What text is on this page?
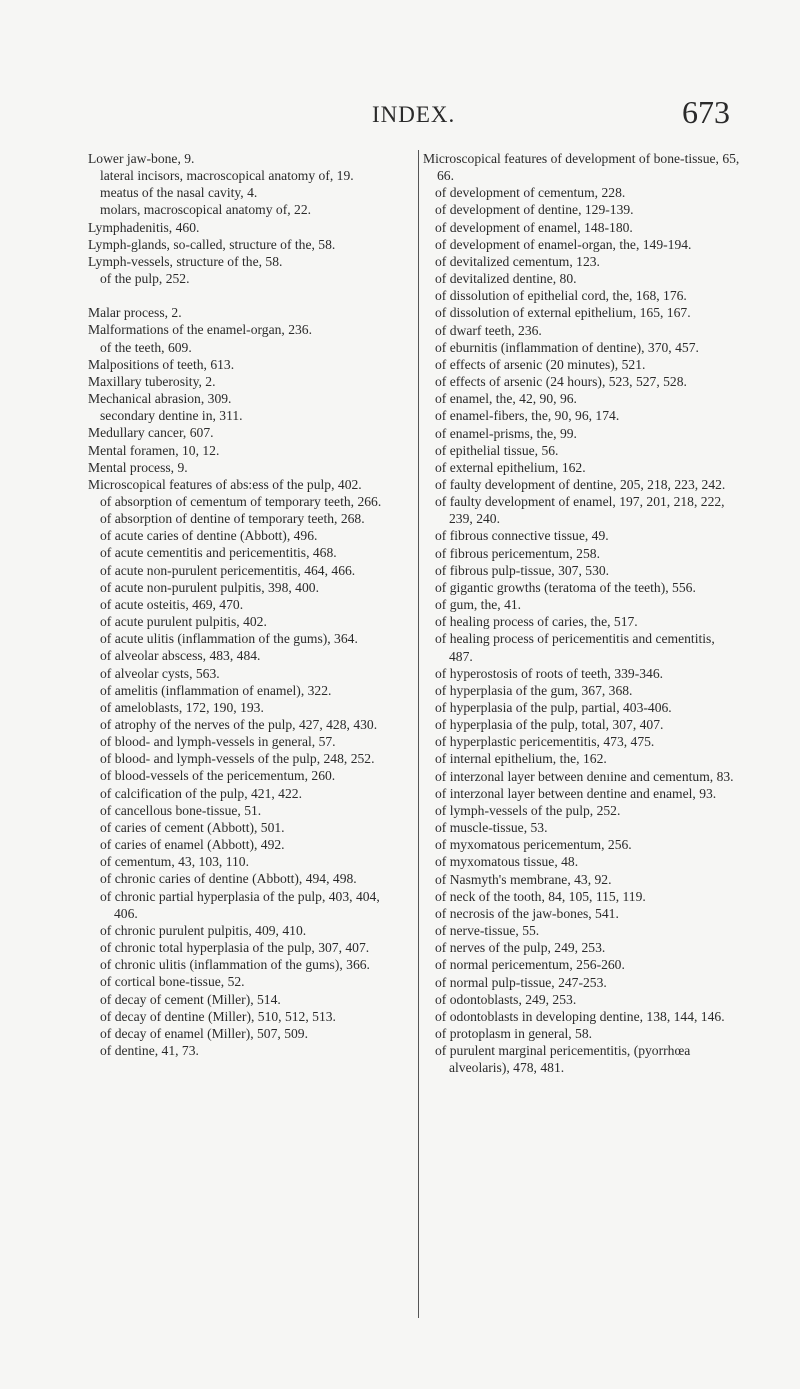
INDEX.	673
Lower jaw-bone, 9.
lateral incisors, macroscopical anatomy of, 19.
meatus of the nasal cavity, 4.
molars, macroscopical anatomy of, 22.
Lymphadenitis, 460.
Lymph-glands, so-called, structure of the, 58.
Lymph-vessels, structure of the, 58.
of the pulp, 252.
Malar process, 2.
Malformations of the enamel-organ, 236.
of the teeth, 609.
Malpositions of teeth, 613.
Maxillary tuberosity, 2.
Mechanical abrasion, 309.
secondary dentine in, 311.
Medullary cancer, 607.
Mental foramen, 10, 12.
Mental process, 9.
Microscopical features of abs:ess of the pulp, 402.
of absorption of cementum of temporary teeth, 266.
of absorption of dentine of temporary teeth, 268.
of acute caries of dentine (Abbott), 496.
of acute cementitis and pericementitis, 468.
of acute non-purulent pericementitis, 464, 466.
of acute non-purulent pulpitis, 398, 400.
of acute osteitis, 469, 470.
of acute purulent pulpitis, 402.
of acute ulitis (inflammation of the gums), 364.
of alveolar abscess, 483, 484.
of alveolar cysts, 563.
of amelitis (inflammation of enamel), 322.
of ameloblasts, 172, 190, 193.
of atrophy of the nerves of the pulp, 427, 428, 430.
of blood- and lymph-vessels in general, 57.
of blood- and lymph-vessels of the pulp, 248, 252.
of blood-vessels of the pericementum, 260.
of calcification of the pulp, 421, 422.
of cancellous bone-tissue, 51.
of caries of cement (Abbott), 501.
of caries of enamel (Abbott), 492.
of cementum, 43, 103, 110.
of chronic caries of dentine (Abbott), 494, 498.
of chronic partial hyperplasia of the pulp, 403, 404, 406.
of chronic purulent pulpitis, 409, 410.
of chronic total hyperplasia of the pulp, 307, 407.
of chronic ulitis (inflammation of the gums), 366.
of cortical bone-tissue, 52.
of decay of cement (Miller), 514.
of decay of dentine (Miller), 510, 512, 513.
of decay of enamel (Miller), 507, 509.
of dentine, 41, 73.
Microscopical features of development of bone-tissue, 65, 66.
of development of cementum, 228.
of development of dentine, 129-139.
of development of enamel, 148-180.
of development of enamel-organ, the, 149-194.
of devitalized cementum, 123.
of devitalized dentine, 80.
of dissolution of epithelial cord, the, 168, 176.
of dissolution of external epithelium, 165, 167.
of dwarf teeth, 236.
of eburnitis (inflammation of dentine), 370, 457.
of effects of arsenic (20 minutes), 521.
of effects of arsenic (24 hours), 523, 527, 528.
of enamel, the, 42, 90, 96.
of enamel-fibers, the, 90, 96, 174.
of enamel-prisms, the, 99.
of epithelial tissue, 56.
of external epithelium, 162.
of faulty development of dentine, 205, 218, 223, 242.
of faulty development of enamel, 197, 201, 218, 222, 239, 240.
of fibrous connective tissue, 49.
of fibrous pericementum, 258.
of fibrous pulp-tissue, 307, 530.
of gigantic growths (teratoma of the teeth), 556.
of gum, the, 41.
of healing process of caries, the, 517.
of healing process of pericementitis and cementitis, 487.
of hyperostosis of roots of teeth, 339-346.
of hyperplasia of the gum, 367, 368.
of hyperplasia of the pulp, partial, 403-406.
of hyperplasia of the pulp, total, 307, 407.
of hyperplastic pericementitis, 473, 475.
of internal epithelium, the, 162.
of interzonal layer between denıine and cementum, 83.
of interzonal layer between dentine and enamel, 93.
of lymph-vessels of the pulp, 252.
of muscle-tissue, 53.
of myxomatous pericementum, 256.
of myxomatous tissue, 48.
of Nasmyth's membrane, 43, 92.
of neck of the tooth, 84, 105, 115, 119.
of necrosis of the jaw-bones, 541.
of nerve-tissue, 55.
of nerves of the pulp, 249, 253.
of normal pericementum, 256-260.
of normal pulp-tissue, 247-253.
of odontoblasts, 249, 253.
of odontoblasts in developing dentine, 138, 144, 146.
of protoplasm in general, 58.
of purulent marginal pericementitis, (pyorrhœa alveolaris), 478, 481.
